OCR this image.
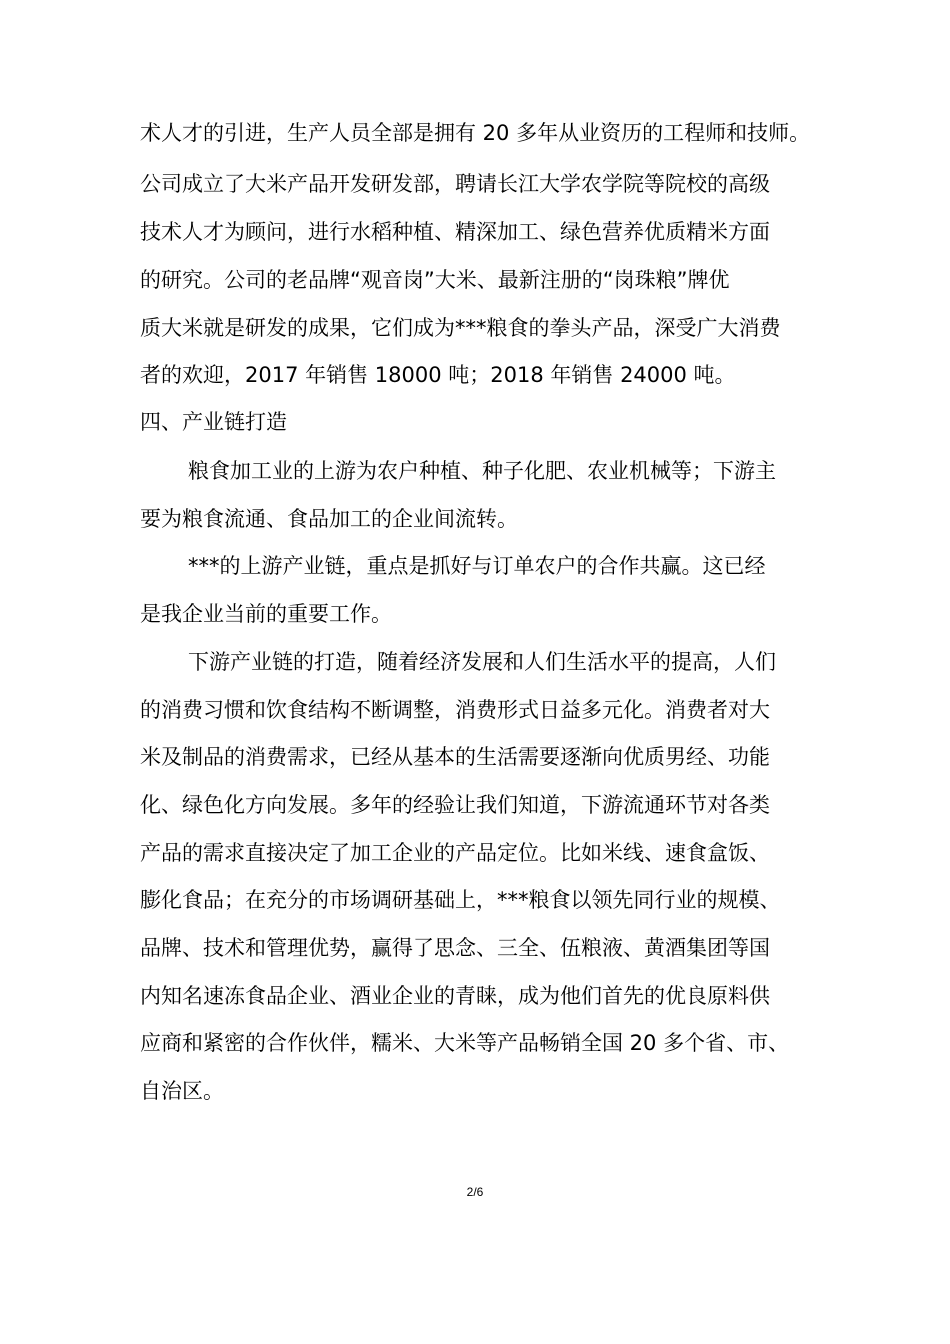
术人才的引进，生产人员全部是拥有 20 多年从业资历的工程师和技师。

公司成立了大米产品开发研发部，聘请长江大学农学院等院校的高级

技术人才为顾问，进行水稻种植、精深加工、绿色营养优质精米方面

的研究。公司的老品牌“观音岗”大米、最新注册的“岗珠粮”牌优

质大米就是研发的成果，它们成为***粮食的拳头产品，深受广大消费

者的欢迎，2017 年销售 18000 吨；2018 年销售 24000 吨。

四、产业链打造

粮食加工业的上游为农户种植、种子化肥、农业机械等；下游主

要为粮食流通、食品加工的企业间流转。

***的上游产业链，重点是抓好与订单农户的合作共赢。这已经

是我企业当前的重要工作。

下游产业链的打造，随着经济发展和人们生活水平的提高，人们

的消费习惯和饮食结构不断调整，消费形式日益多元化。消费者对大

米及制品的消费需求，已经从基本的生活需要逐渐向优质男经、功能

化、绿色化方向发展。多年的经验让我们知道，下游流通环节对各类

产品的需求直接决定了加工企业的产品定位。比如米线、速食盒饭、

膨化食品；在充分的市场调研基础上，***粮食以领先同行业的规模、

品牌、技术和管理优势，赢得了思念、三全、伍粮液、黄酒集团等国

内知名速冻食品企业、酒业企业的青睐，成为他们首先的优良原料供

应商和紧密的合作伙伴，糯米、大米等产品畅销全国 20 多个省、市、

自治区。

2/6
